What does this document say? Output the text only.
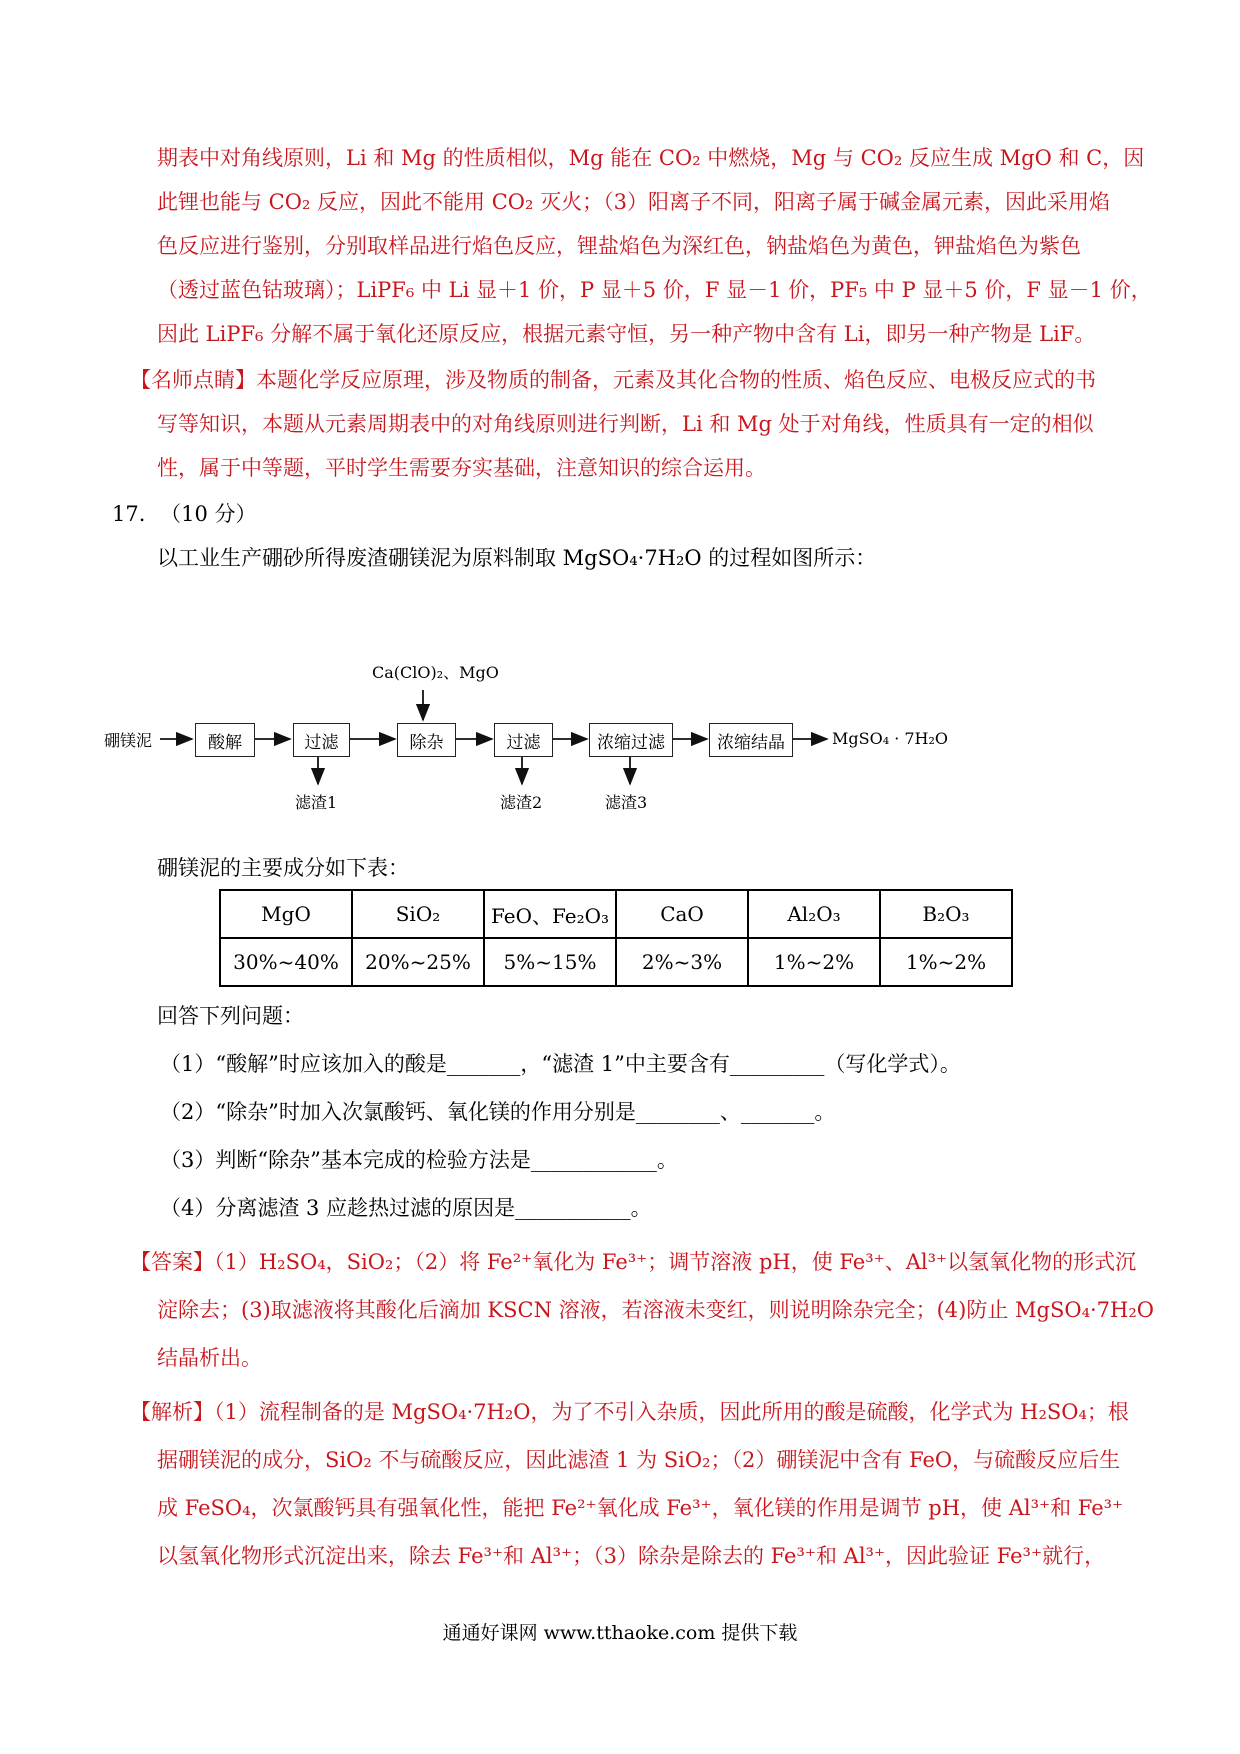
期表中对角线原则，Li 和 Mg 的性质相似，Mg 能在 CO₂ 中燃烧，Mg 与 CO₂ 反应生成 MgO 和 C，因
此锂也能与 CO₂ 反应，因此不能用 CO₂ 灭火；（3）阳离子不同，阳离子属于碱金属元素，因此采用焰
色反应进行鉴别，分别取样品进行焰色反应，锂盐焰色为深红色，钠盐焰色为黄色，钾盐焰色为紫色
（透过蓝色钴玻璃）；LiPF₆ 中 Li 显＋1 价，P 显＋5 价，F 显－1 价，PF₅ 中 P 显＋5 价，F 显－1 价，
因此 LiPF₆ 分解不属于氧化还原反应，根据元素守恒，另一种产物中含有 Li，即另一种产物是 LiF。
【名师点睛】本题化学反应原理，涉及物质的制备，元素及其化合物的性质、焰色反应、电极反应式的书
写等知识，本题从元素周期表中的对角线原则进行判断，Li 和 Mg 处于对角线，性质具有一定的相似
性，属于中等题，平时学生需要夯实基础，注意知识的综合运用。
17. （10 分）
以工业生产硼砂所得废渣硼镁泥为原料制取 MgSO₄·7H₂O 的过程如图所示：
硼镁泥	酸解	过滤	除杂	过滤	浓缩过滤	浓缩结晶	MgSO₄ · 7H₂O
Ca(ClO)₂、MgO
滤渣1	滤渣2	滤渣3
硼镁泥的主要成分如下表：
MgO	SiO₂	FeO、Fe₂O₃	CaO	Al₂O₃	B₂O₃
30%~40%	20%~25%	5%~15%	2%~3%	1%~2%	1%~2%
回答下列问题：
（1）“酸解”时应该加入的酸是_______，“滤渣 1”中主要含有_________（写化学式）。
（2）“除杂”时加入次氯酸钙、氧化镁的作用分别是________、_______。
（3）判断“除杂”基本完成的检验方法是____________。
（4）分离滤渣 3 应趁热过滤的原因是___________。
【答案】（1）H₂SO₄，SiO₂；（2）将 Fe²⁺氧化为 Fe³⁺；调节溶液 pH，使 Fe³⁺、Al³⁺以氢氧化物的形式沉
淀除去；(3)取滤液将其酸化后滴加 KSCN 溶液，若溶液未变红，则说明除杂完全；(4)防止 MgSO₄·7H₂O
结晶析出。
【解析】（1）流程制备的是 MgSO₄·7H₂O，为了不引入杂质，因此所用的酸是硫酸，化学式为 H₂SO₄；根
据硼镁泥的成分，SiO₂ 不与硫酸反应，因此滤渣 1 为 SiO₂；（2）硼镁泥中含有 FeO，与硫酸反应后生
成 FeSO₄，次氯酸钙具有强氧化性，能把 Fe²⁺氧化成 Fe³⁺，氧化镁的作用是调节 pH，使 Al³⁺和 Fe³⁺
以氢氧化物形式沉淀出来，除去 Fe³⁺和 Al³⁺；（3）除杂是除去的 Fe³⁺和 Al³⁺，因此验证 Fe³⁺就行，
通通好课网 www.tthaoke.com 提供下载
